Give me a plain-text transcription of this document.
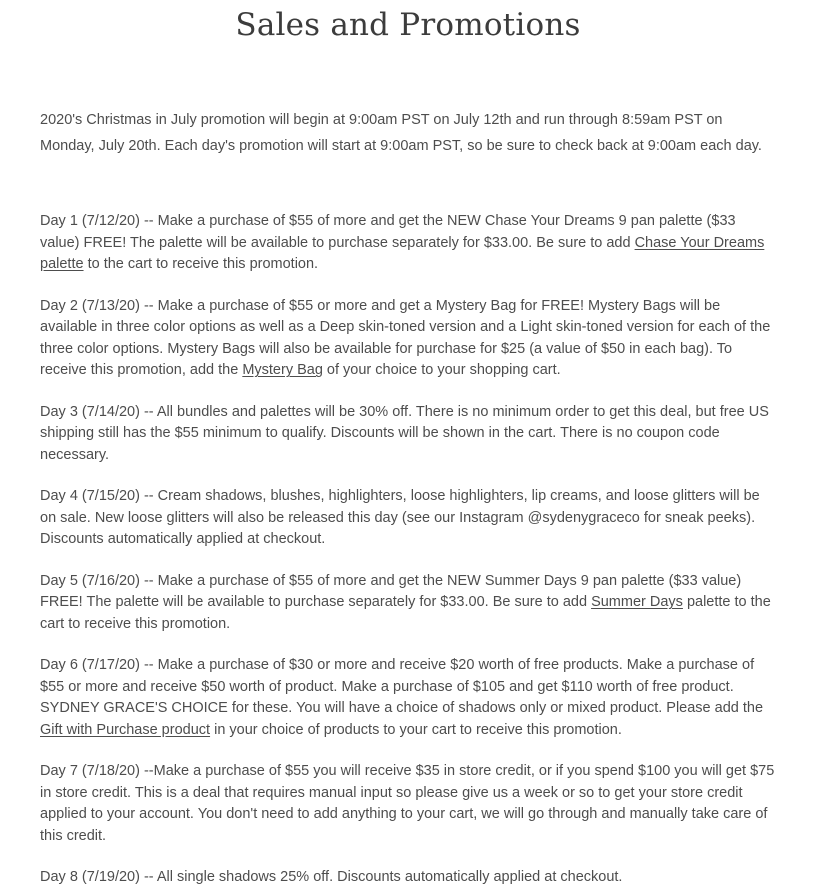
Sales and Promotions

2020's Christmas in July promotion will begin at 9:00am PST on July 12th and run through 8:59am PST on Monday, July 20th. Each day's promotion will start at 9:00am PST, so be sure to check back at 9:00am each day.

Day 1 (7/12/20) -- Make a purchase of $55 of more and get the NEW Chase Your Dreams 9 pan palette ($33 value) FREE! The palette will be available to purchase separately for $33.00. Be sure to add Chase Your Dreams palette to the cart to receive this promotion.

Day 2 (7/13/20) -- Make a purchase of $55 or more and get a Mystery Bag for FREE! Mystery Bags will be available in three color options as well as a Deep skin-toned version and a Light skin-toned version for each of the three color options. Mystery Bags will also be available for purchase for $25 (a value of $50 in each bag). To receive this promotion, add the Mystery Bag of your choice to your shopping cart.

Day 3 (7/14/20) -- All bundles and palettes will be 30% off. There is no minimum order to get this deal, but free US shipping still has the $55 minimum to qualify. Discounts will be shown in the cart. There is no coupon code necessary.

Day 4 (7/15/20) -- Cream shadows, blushes, highlighters, loose highlighters, lip creams, and loose glitters will be on sale. New loose glitters will also be released this day (see our Instagram @sydenygraceco for sneak peeks). Discounts automatically applied at checkout.

Day 5 (7/16/20) -- Make a purchase of $55 of more and get the NEW Summer Days 9 pan palette ($33 value) FREE! The palette will be available to purchase separately for $33.00. Be sure to add Summer Days palette to the cart to receive this promotion.

Day 6 (7/17/20) -- Make a purchase of $30 or more and receive $20 worth of free products. Make a purchase of $55 or more and receive $50 worth of product. Make a purchase of $105 and get $110 worth of free product. SYDNEY GRACE'S CHOICE for these. You will have a choice of shadows only or mixed product. Please add the Gift with Purchase product in your choice of products to your cart to receive this promotion.

Day 7 (7/18/20) --Make a purchase of $55 you will receive $35 in store credit, or if you spend $100 you will get $75 in store credit. This is a deal that requires manual input so please give us a week or so to get your store credit applied to your account. You don't need to add anything to your cart, we will go through and manually take care of this credit.

Day 8 (7/19/20) -- All single shadows 25% off. Discounts automatically applied at checkout.
